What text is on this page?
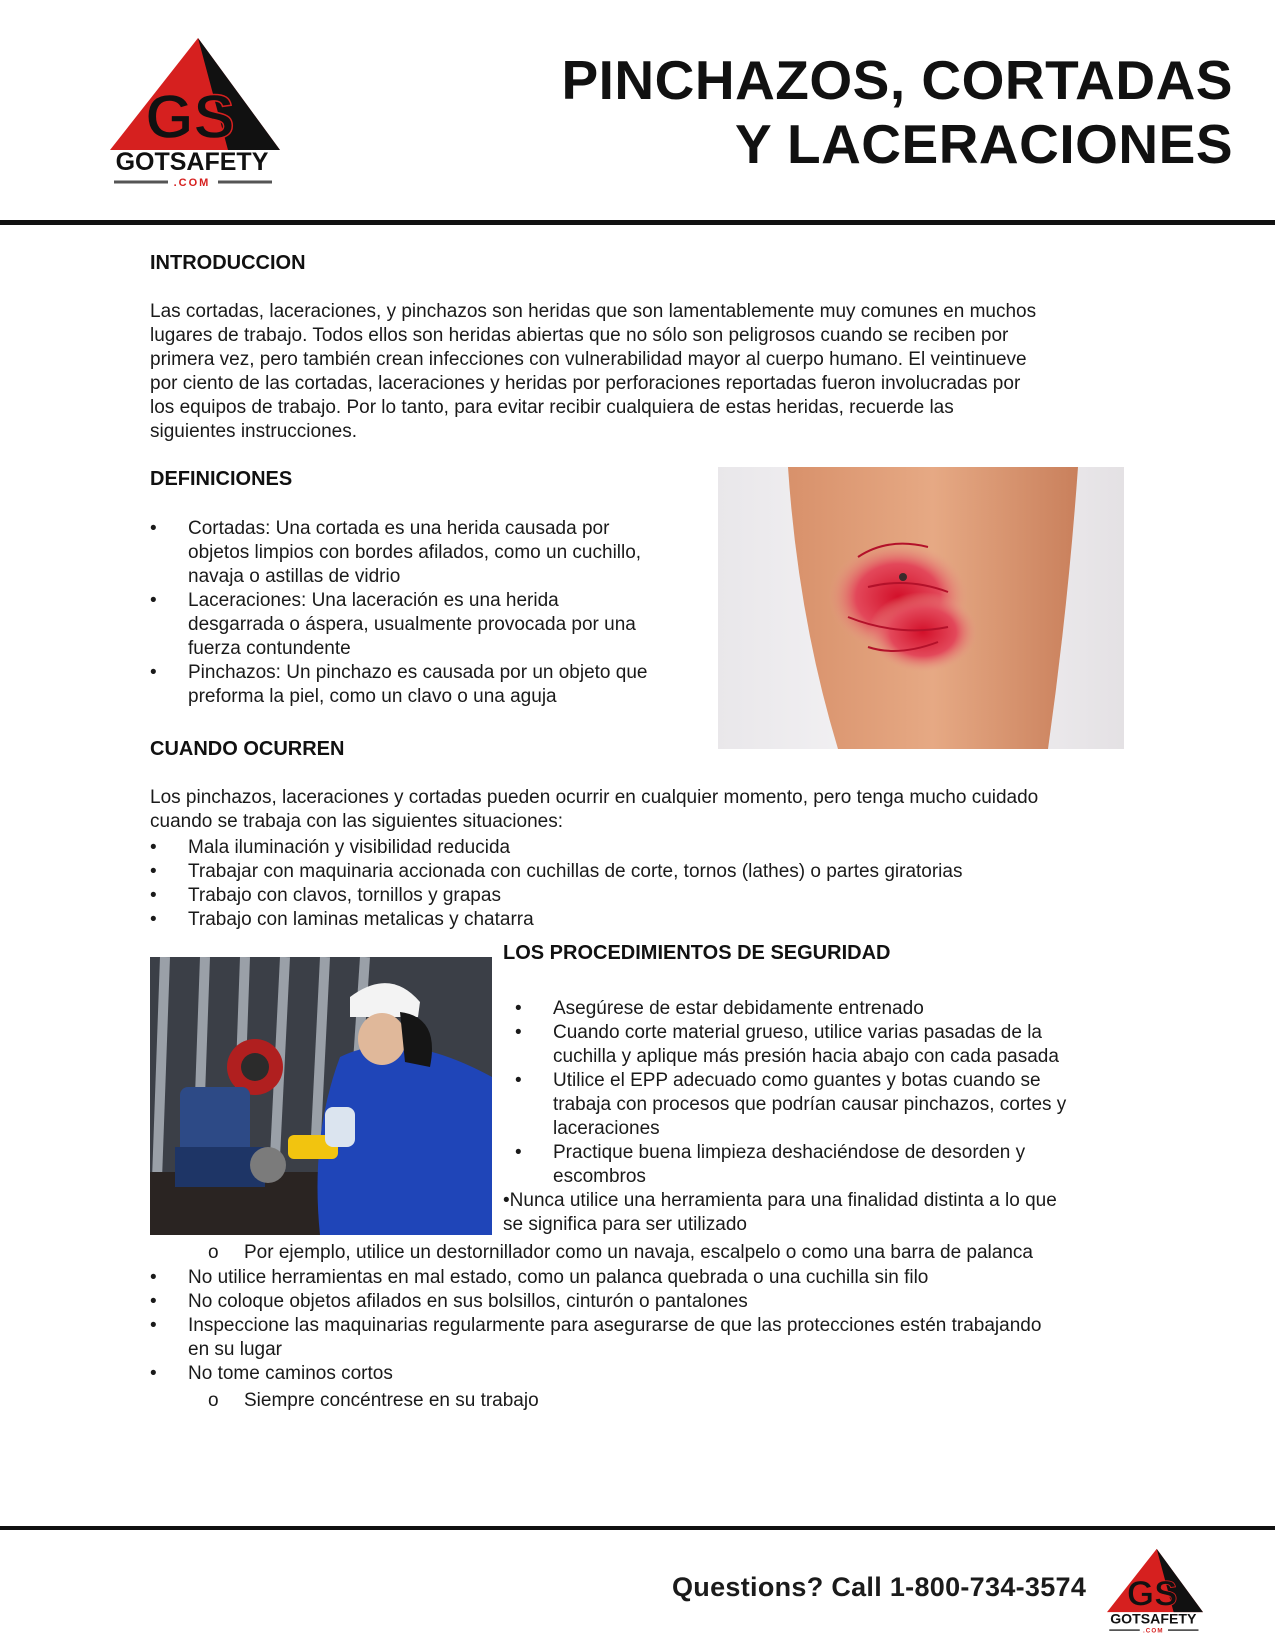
GS
GOTSAFETY
.COM
PINCHAZOS, CORTADAS
Y LACERACIONES
INTRODUCCION
Las cortadas, laceraciones, y pinchazos son heridas que son lamentablemente muy comunes en muchos
lugares de trabajo. Todos ellos son heridas abiertas que no sólo son peligrosos cuando se reciben por
primera vez, pero también crean infecciones con vulnerabilidad mayor al cuerpo humano. El veintinueve
por ciento de las cortadas, laceraciones y heridas por perforaciones reportadas fueron involucradas por
los equipos de trabajo. Por lo tanto, para evitar recibir cualquiera de estas heridas, recuerde las
siguientes instrucciones.
DEFINICIONES
• Cortadas: Una cortada es una herida causada por
objetos limpios con bordes afilados, como un cuchillo,
navaja o astillas de vidrio
• Laceraciones: Una laceración es una herida
desgarrada o áspera, usualmente provocada por una
fuerza contundente
• Pinchazos: Un pinchazo es causada por un objeto que
preforma la piel, como un clavo o una aguja
CUANDO OCURREN
Los pinchazos, laceraciones y cortadas pueden ocurrir en cualquier momento, pero tenga mucho cuidado
cuando se trabaja con las siguientes situaciones:
• Mala iluminación y visibilidad reducida
• Trabajar con maquinaria accionada con cuchillas de corte, tornos (lathes) o partes giratorias
• Trabajo con clavos, tornillos y grapas
• Trabajo con laminas metalicas y chatarra
LOS PROCEDIMIENTOS DE SEGURIDAD
• Asegúrese de estar debidamente entrenado
• Cuando corte material grueso, utilice varias pasadas de la
cuchilla y aplique más presión hacia abajo con cada pasada
• Utilice el EPP adecuado como guantes y botas cuando se
trabaja con procesos que podrían causar pinchazos, cortes y
laceraciones
• Practique buena limpieza deshaciéndose de desorden y
escombros
•Nunca utilice una herramienta para una finalidad distinta a lo que
se significa para ser utilizado
o Por ejemplo, utilice un destornillador como un navaja, escalpelo o como una barra de palanca
• No utilice herramientas en mal estado, como un palanca quebrada o una cuchilla sin filo
• No coloque objetos afilados en sus bolsillos, cinturón o pantalones
• Inspeccione las maquinarias regularmente para asegurarse de que las protecciones estén trabajando
en su lugar
• No tome caminos cortos
o Siempre concéntrese en su trabajo
Questions? Call 1-800-734-3574 GS
GOTSAFETY
.COM
